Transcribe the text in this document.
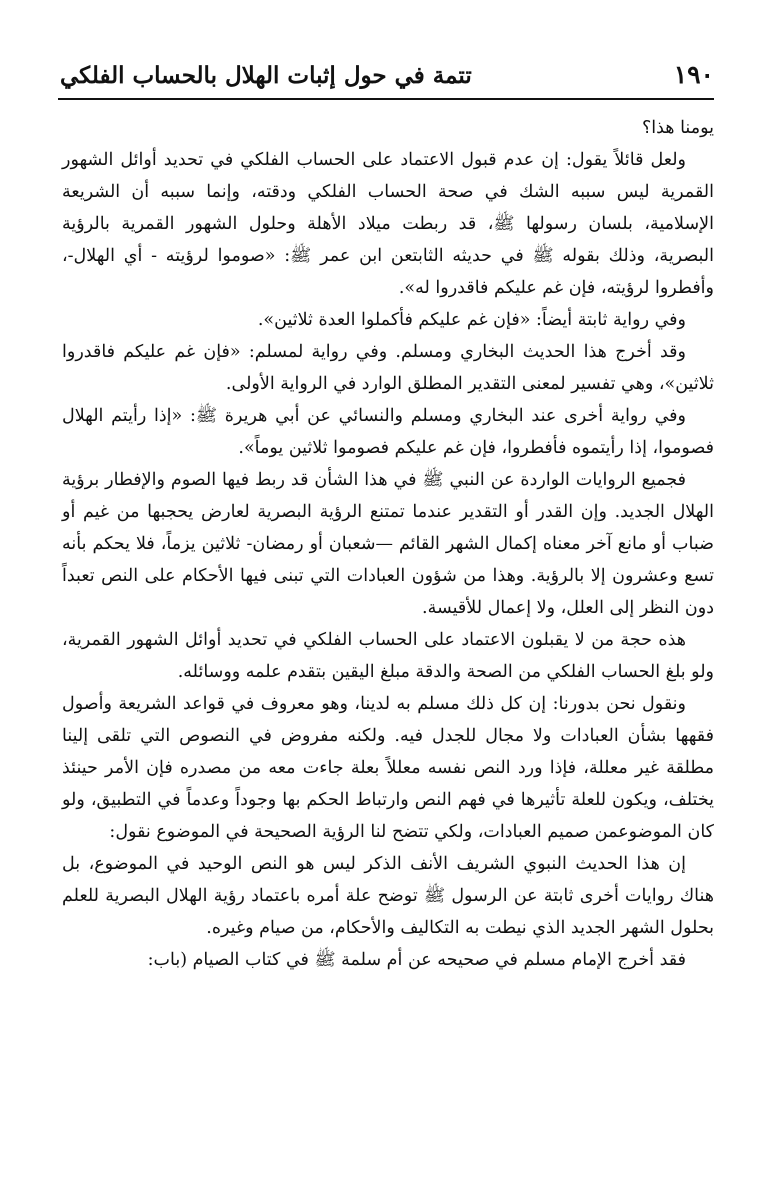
١٩٠
تتمة في حول إثبات الهلال بالحساب الفلكي

يومنا هذا؟

ولعل قائلاً يقول: إن عدم قبول الاعتماد على الحساب الفلكي في تحديد أوائل الشهور القمرية ليس سببه الشك في صحة الحساب الفلكي ودقته، وإنما سببه أن الشريعة الإسلامية، بلسان رسولها ﷺ، قد ربطت ميلاد الأهلة وحلول الشهور القمرية بالرؤية البصرية، وذلك بقوله ﷺ في حديثه الثابتعن ابن عمر ﷺ: «صوموا لرؤيته - أي الهلال-، وأفطروا لرؤيته، فإن غم عليكم فاقدروا له».

وفي رواية ثابتة أيضاً: «فإن غم عليكم فأكملوا العدة ثلاثين».

وقد أخرج هذا الحديث البخاري ومسلم. وفي رواية لمسلم: «فإن غم عليكم فاقدروا ثلاثين»، وهي تفسير لمعنى التقدير المطلق الوارد في الرواية الأولى.

وفي رواية أخرى عند البخاري ومسلم والنسائي عن أبي هريرة ﷺ: «إذا رأيتم الهلال فصوموا، إذا رأيتموه فأفطروا، فإن غم عليكم فصوموا ثلاثين يوماً».

فجميع الروايات الواردة عن النبي ﷺ في هذا الشأن قد ربط فيها الصوم والإفطار برؤية الهلال الجديد. وإن القدر أو التقدير عندما تمتنع الرؤية البصرية لعارض يحجبها من غيم أو ضباب أو مانع آخر معناه إكمال الشهر القائم —شعبان أو رمضان- ثلاثين يزماً، فلا يحكم بأنه تسع وعشرون إلا بالرؤية. وهذا من شؤون العبادات التي تبنى فيها الأحكام على النص تعبداً دون النظر إلى العلل، ولا إعمال للأقيسة.

هذه حجة من لا يقبلون الاعتماد على الحساب الفلكي في تحديد أوائل الشهور القمرية، ولو بلغ الحساب الفلكي من الصحة والدقة مبلغ اليقين بتقدم علمه ووسائله.

ونقول نحن بدورنا: إن كل ذلك مسلم به لدينا، وهو معروف في قواعد الشريعة وأصول فقهها بشأن العبادات ولا مجال للجدل فيه. ولكنه مفروض في النصوص التي تلقى إلينا مطلقة غير معللة، فإذا ورد النص نفسه معللاً بعلة جاءت معه من مصدره فإن الأمر حينئذ يختلف، ويكون للعلة تأثيرها في فهم النص وارتباط الحكم بها وجوداً وعدماً في التطبيق، ولو كان الموضوعمن صميم العبادات، ولكي تتضح لنا الرؤية الصحيحة في الموضوع نقول:

إن هذا الحديث النبوي الشريف الأنف الذكر ليس هو النص الوحيد في الموضوع، بل هناك روايات أخرى ثابتة عن الرسول ﷺ توضح علة أمره باعتماد رؤية الهلال البصرية للعلم بحلول الشهر الجديد الذي نيطت به التكاليف والأحكام، من صيام وغيره.

فقد أخرج الإمام مسلم في صحيحه عن أم سلمة ﷺ في كتاب الصيام (باب:
